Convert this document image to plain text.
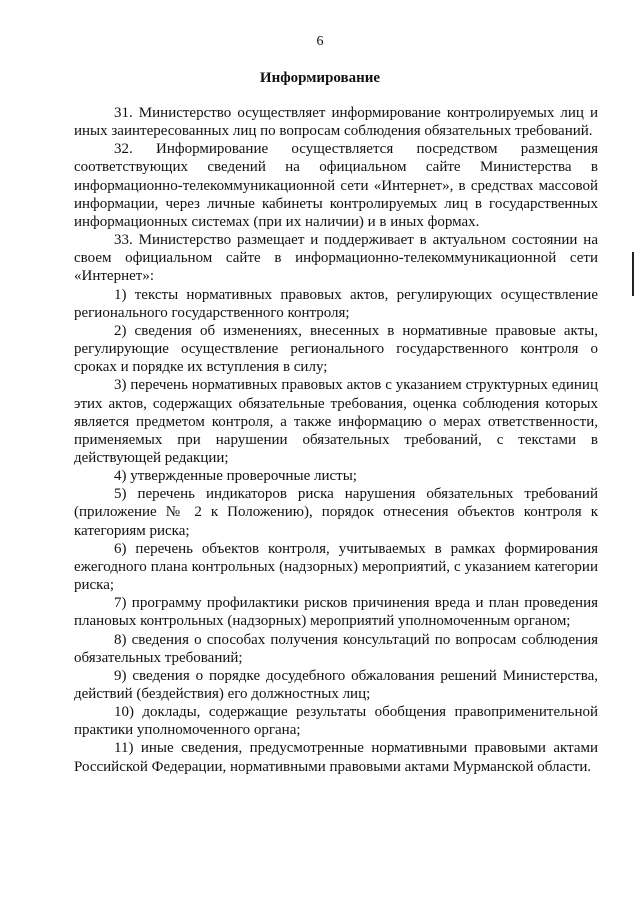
6
Информирование

31. Министерство осуществляет информирование контролируемых лиц и иных заинтересованных лиц по вопросам соблюдения обязательных требований.

32. Информирование осуществляется посредством размещения соответствующих сведений на официальном сайте Министерства в информационно-телекоммуникационной сети «Интернет», в средствах массовой информации, через личные кабинеты контролируемых лиц в государственных информационных системах (при их наличии) и в иных формах.

33. Министерство размещает и поддерживает в актуальном состоянии на своем официальном сайте в информационно-телекоммуникационной сети «Интернет»:

1) тексты нормативных правовых актов, регулирующих осуществление регионального государственного контроля;

2) сведения об изменениях, внесенных в нормативные правовые акты, регулирующие осуществление регионального государственного контроля о сроках и порядке их вступления в силу;

3) перечень нормативных правовых актов с указанием структурных единиц этих актов, содержащих обязательные требования, оценка соблюдения которых является предметом контроля, а также информацию о мерах ответственности, применяемых при нарушении обязательных требований, с текстами в действующей редакции;

4) утвержденные проверочные листы;

5) перечень индикаторов риска нарушения обязательных требований (приложение № 2 к Положению), порядок отнесения объектов контроля к категориям риска;

6) перечень объектов контроля, учитываемых в рамках формирования ежегодного плана контрольных (надзорных) мероприятий, с указанием категории риска;

7) программу профилактики рисков причинения вреда и план проведения плановых контрольных (надзорных) мероприятий уполномоченным органом;

8) сведения о способах получения консультаций по вопросам соблюдения обязательных требований;

9) сведения о порядке досудебного обжалования решений Министерства, действий (бездействия) его должностных лиц;

10) доклады, содержащие результаты обобщения правоприменительной практики уполномоченного органа;

11) иные сведения, предусмотренные нормативными правовыми актами Российской Федерации, нормативными правовыми актами Мурманской области.
